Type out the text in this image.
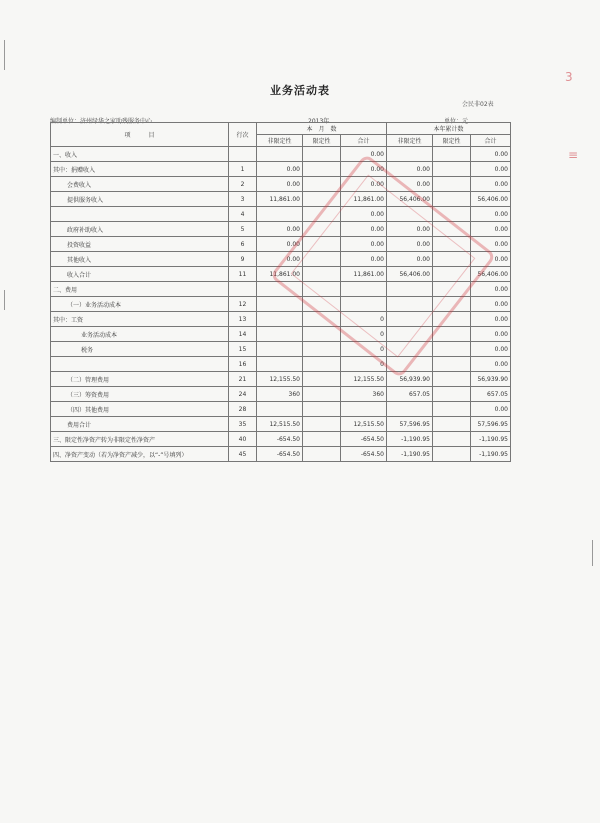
业务活动表
会民非02表
编制单位：济州绿华之家助残服务中心	2013年	单位：元
项　　　目	行次	本　月　数			本年累计数		
		非限定性	限定性	合计	非限定性	限定性	合计
一、收入				0.00			0.00
其中：捐赠收入	1	0.00		0.00	0.00		0.00
会费收入	2	0.00		0.00	0.00		0.00
提供服务收入	3	11,861.00		11,861.00	56,406.00		56,406.00
	4			0.00			0.00
政府补助收入	5	0.00		0.00	0.00		0.00
投资收益	6	0.00		0.00	0.00		0.00
其他收入	9	0.00		0.00	0.00		0.00
收入合计	11	11,861.00		11,861.00	56,406.00		56,406.00
二、费用							0.00
（一）业务活动成本	12						0.00
其中：工资	13			0			0.00
业务活动成本	14			0			0.00
税务	15			0			0.00
	16			0			0.00
（二）管理费用	21	12,155.50		12,155.50	56,939.90		56,939.90
（三）筹资费用	24	360		360	657.05		657.05
（四）其他费用	28						0.00
费用合计	35	12,515.50		12,515.50	57,596.95		57,596.95
三、限定性净资产转为非限定性净资产	40	-654.50		-654.50	-1,190.95		-1,190.95
四、净资产变动（若为净资产减少，以“-”号填列）	45	-654.50		-654.50	-1,190.95		-1,190.95
3
≡
